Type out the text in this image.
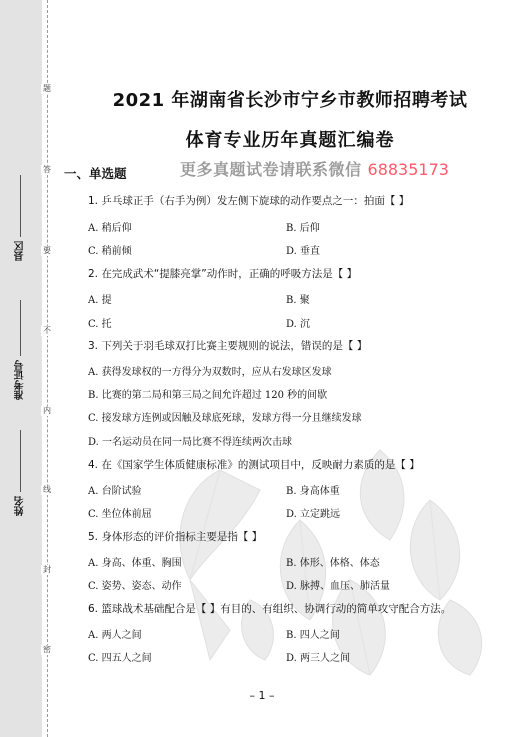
题
答
要
不
内
线
封
密
县区
准考证号
姓名
2021 年湖南省长沙市宁乡市教师招聘考试
体育专业历年真题汇编卷
一、单选题	更多真题试卷请联系微信 68835173
1. 乒乓球正手（右手为例）发左侧下旋球的动作要点之一：拍面【 】
A. 稍后仰	B. 后仰
C. 稍前倾	D. 垂直
2. 在完成武术“提膝亮掌”动作时，正确的呼吸方法是【 】
A. 提	B. 聚
C. 托	D. 沉
3. 下列关于羽毛球双打比赛主要规则的说法，错误的是【 】
A. 获得发球权的一方得分为双数时，应从右发球区发球
B. 比赛的第二局和第三局之间允许超过 120 秒的间歇
C. 接发球方连例或因触及球底死球，发球方得一分且继续发球
D. 一名运动员在同一局比赛不得连续两次击球
4. 在《国家学生体质健康标准》的测试项目中，反映耐力素质的是【 】
A. 台阶试验	B. 身高体重
C. 坐位体前屈	D. 立定跳远
5. 身体形态的评价指标主要是指【 】
A. 身高、体重、胸围	B. 体形、体格、体态
C. 姿势、姿态、动作	D. 脉搏、血压、肺活量
6. 篮球战术基础配合是【 】有目的、有组织、协调行动的简单攻守配合方法。
A. 两人之间	B. 四人之间
C. 四五人之间	D. 两三人之间
– 1 –
